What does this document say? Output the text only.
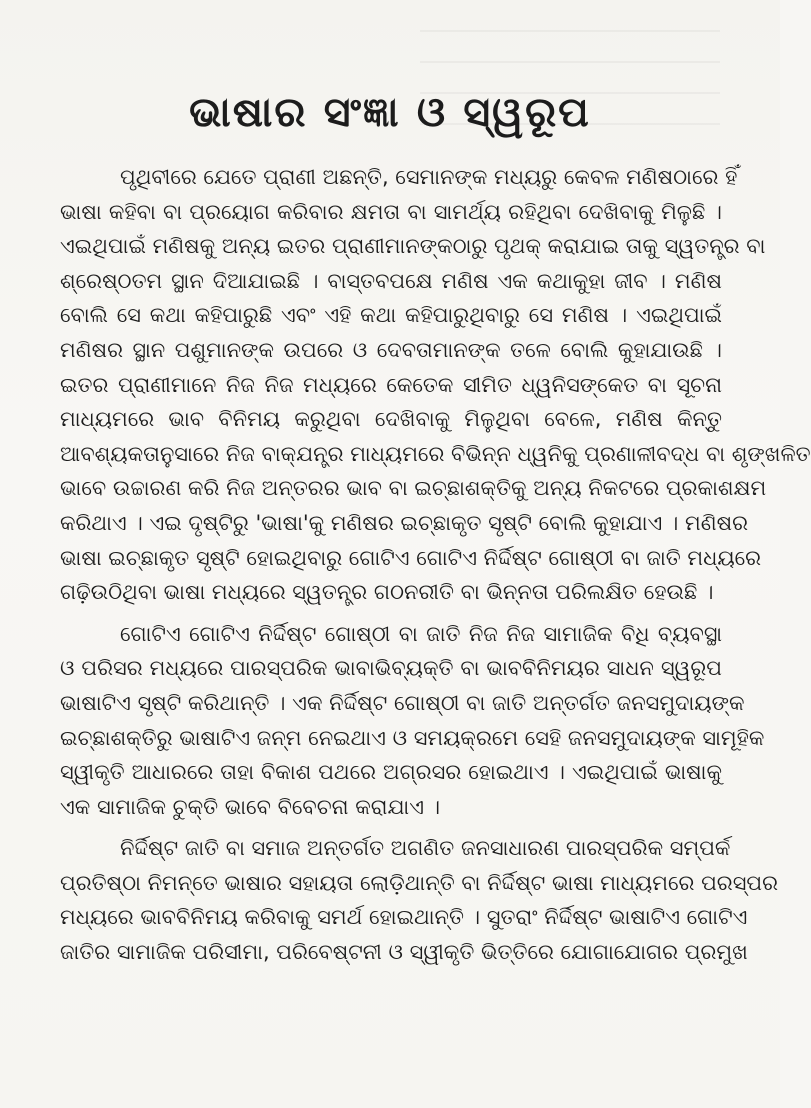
ଭାଷାର ସଂଜ୍ଞା ଓ ସ୍ୱରୂପ
ପୃଥିବୀରେ ଯେତେ ପ୍ରାଣୀ ଅଛନ୍ତି, ସେମାନଙ୍କ ମଧ୍ୟରୁ କେବଳ ମଣିଷଠାରେ ହିଁ
ଭାଷା କହିବା ବା ପ୍ରୟୋଗ କରିବାର କ୍ଷମତା ବା ସାମର୍ଥ୍ୟ ରହିଥିବା ଦେଖିବାକୁ ମିଳୁଛି ।
ଏଇଥିପାଇଁ ମଣିଷକୁ ଅନ୍ୟ ଇତର ପ୍ରାଣୀମାନଙ୍କଠାରୁ ପୃଥକ୍ କରାଯାଇ ତାକୁ ସ୍ୱତନ୍ତ୍ର ବା
ଶ୍ରେଷ୍ଠତମ ସ୍ଥାନ ଦିଆଯାଇଛି । ବାସ୍ତବପକ୍ଷେ ମଣିଷ ଏକ କଥାକୁହା ଜୀବ । ମଣିଷ
ବୋଲି ସେ କଥା କହିପାରୁଛି ଏବଂ ଏହି କଥା କହିପାରୁଥିବାରୁ ସେ ମଣିଷ । ଏଇଥିପାଇଁ
ମଣିଷର ସ୍ଥାନ ପଶୁମାନଙ୍କ ଉପରେ ଓ ଦେବତାମାନଙ୍କ ତଳେ ବୋଲି କୁହାଯାଉଛି ।
ଇତର ପ୍ରାଣୀମାନେ ନିଜ ନିଜ ମଧ୍ୟରେ କେତେକ ସୀମିତ ଧ୍ୱନିସଙ୍କେତ ବା ସୂଚନା
ମାଧ୍ୟମରେ ଭାବ ବିନିମୟ କରୁଥିବା ଦେଖିବାକୁ ମିଳୁଥିବା ବେଳେ, ମଣିଷ କିନ୍ତୁ
ଆବଶ୍ୟକତାନୁସାରେ ନିଜ ବାକ୍‌ଯନ୍ତ୍ର ମାଧ୍ୟମରେ ବିଭିନ୍ନ ଧ୍ୱନିକୁ ପ୍ରଣାଳୀବଦ୍ଧ ବା ଶୃଙ୍ଖଳିତ
ଭାବେ ଉଚ୍ଚାରଣ କରି ନିଜ ଅନ୍ତରର ଭାବ ବା ଇଚ୍ଛାଶକ୍ତିକୁ ଅନ୍ୟ ନିକଟରେ ପ୍ରକାଶକ୍ଷମ
କରିଥାଏ । ଏଇ ଦୃଷ୍ଟିରୁ 'ଭାଷା'କୁ ମଣିଷର ଇଚ୍ଛାକୃତ ସୃଷ୍ଟି ବୋଲି କୁହାଯାଏ । ମଣିଷର
ଭାଷା ଇଚ୍ଛାକୃତ ସୃଷ୍ଟି ହୋଇଥିବାରୁ ଗୋଟିଏ ଗୋଟିଏ ନିର୍ଦ୍ଦିଷ୍ଟ ଗୋଷ୍ଠୀ ବା ଜାତି ମଧ୍ୟରେ
ଗଢ଼ିଉଠିଥିବା ଭାଷା ମଧ୍ୟରେ ସ୍ୱତନ୍ତ୍ର ଗଠନରୀତି ବା ଭିନ୍ନତା ପରିଲକ୍ଷିତ ହେଉଛି ।
ଗୋଟିଏ ଗୋଟିଏ ନିର୍ଦ୍ଦିଷ୍ଟ ଗୋଷ୍ଠୀ ବା ଜାତି ନିଜ ନିଜ ସାମାଜିକ ବିଧି ବ୍ୟବସ୍ଥା
ଓ ପରିସର ମଧ୍ୟରେ ପାରସ୍ପରିକ ଭାବାଭିବ୍ୟକ୍ତି ବା ଭାବବିନିମୟର ସାଧନ ସ୍ୱରୂପ
ଭାଷାଟିଏ ସୃଷ୍ଟି କରିଥାନ୍ତି । ଏକ ନିର୍ଦ୍ଦିଷ୍ଟ ଗୋଷ୍ଠୀ ବା ଜାତି ଅନ୍ତର୍ଗତ ଜନସମୁଦାୟଙ୍କ
ଇଚ୍ଛାଶକ୍ତିରୁ ଭାଷାଟିଏ ଜନ୍ମ ନେଇଥାଏ ଓ ସମୟକ୍ରମେ ସେହି ଜନସମୁଦାୟଙ୍କ ସାମୂହିକ
ସ୍ୱୀକୃତି ଆଧାରରେ ତାହା ବିକାଶ ପଥରେ ଅଗ୍ରସର ହୋଇଥାଏ । ଏଇଥିପାଇଁ ଭାଷାକୁ
ଏକ ସାମାଜିକ ଚୁକ୍ତି ଭାବେ ବିବେଚନା କରାଯାଏ ।
ନିର୍ଦ୍ଦିଷ୍ଟ ଜାତି ବା ସମାଜ ଅନ୍ତର୍ଗତ ଅଗଣିତ ଜନସାଧାରଣ ପାରସ୍ପରିକ ସମ୍ପର୍କ
ପ୍ରତିଷ୍ଠା ନିମନ୍ତେ ଭାଷାର ସହାୟତା ଲୋଡ଼ିଥାନ୍ତି ବା ନିର୍ଦ୍ଦିଷ୍ଟ ଭାଷା ମାଧ୍ୟମରେ ପରସ୍ପର
ମଧ୍ୟରେ ଭାବବିନିମୟ କରିବାକୁ ସମର୍ଥ ହୋଇଥାନ୍ତି । ସୁତରାଂ ନିର୍ଦ୍ଦିଷ୍ଟ ଭାଷାଟିଏ ଗୋଟିଏ
ଜାତିର ସାମାଜିକ ପରିସୀମା, ପରିବେଷ୍ଟନୀ ଓ ସ୍ୱୀକୃତି ଭିତ୍ତିରେ ଯୋଗାଯୋଗର ପ୍ରମୁଖ
